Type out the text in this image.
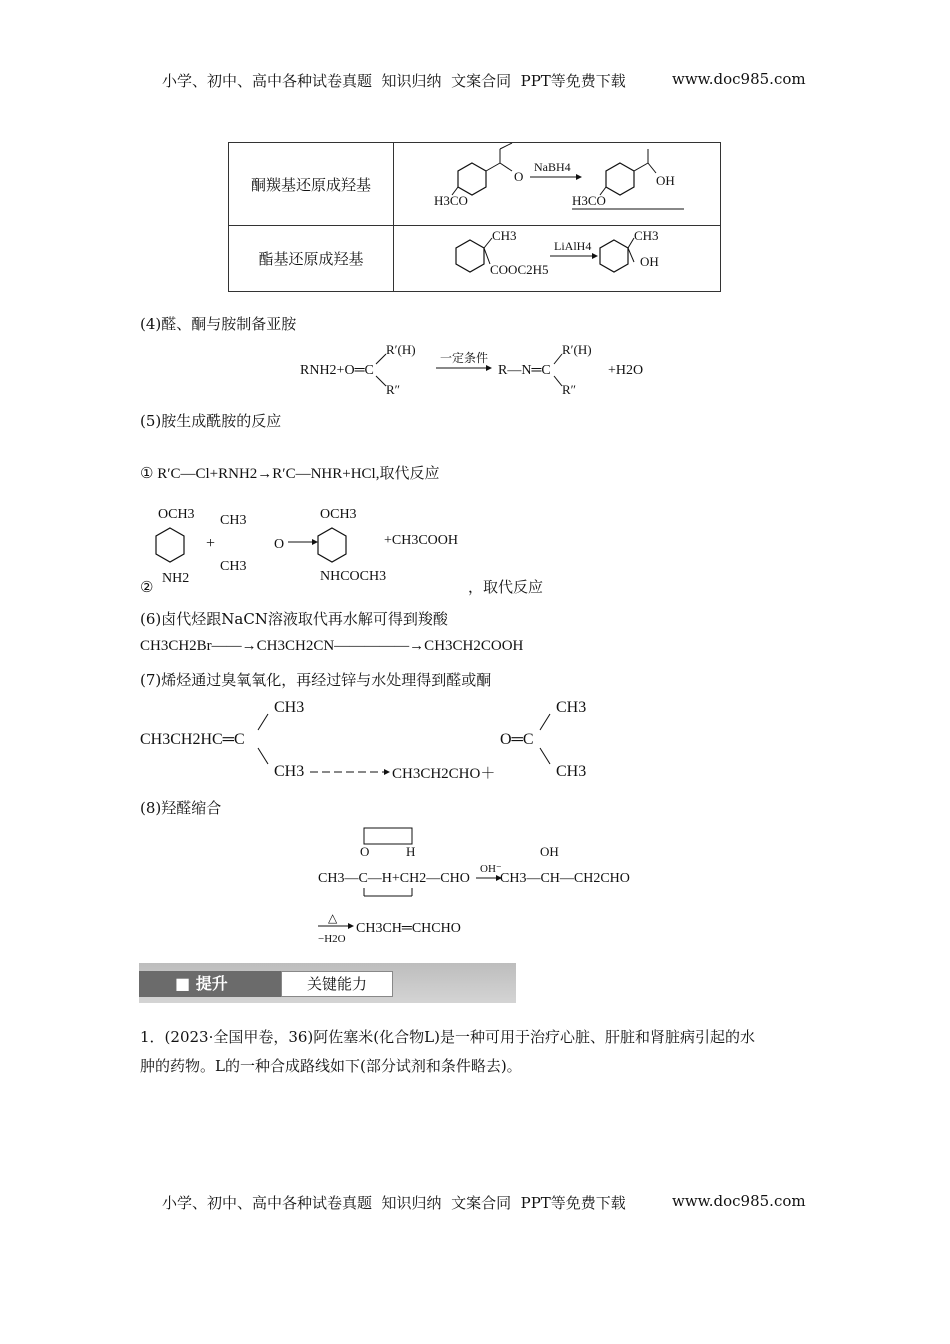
小学、初中、高中各种试卷真题  知识归纳  文案合同  PPT等免费下载	www.doc985.com
酮羰基还原成羟基	O
H3CO
NaBH4
OH
H3CO

酯基还原成羟基	CH3
COOC2H5
LiAlH4
CH3
OH
(4)醛、酮与胺制备亚胺
RNH2+O═C
R′(H)
R″
一定条件
R—N═C
R′(H)
R″
+H2O
(5)胺生成酰胺的反应
① R′C—Cl+RNH2→R′C—NHR+HCl,取代反应
OCH3
NH2
+
CH3
O
CH3
OCH3
NHCOCH3
+CH3COOH
②	，取代反应
(6)卤代烃跟NaCN溶液取代再水解可得到羧酸
CH3CH2Br——→CH3CH2CN—————→CH3CH2COOH
(7)烯烃通过臭氧氧化，再经过锌与水处理得到醛或酮
CH3CH2HC═C
CH3
CH3	CH3CH2CHO＋
O═C
CH3
CH3
(8)羟醛缩合
O	H
CH3—C—H+CH2—CHO
OH⁻
OH
CH3—CH—CH2CHO
△
−H2O
CH3CH═CHCHO
■ 提升	关键能力
1．(2023·全国甲卷，36)阿佐塞米(化合物L)是一种可用于治疗心脏、肝脏和肾脏病引起的水
肿的药物。L的一种合成路线如下(部分试剂和条件略去)。
小学、初中、高中各种试卷真题  知识归纳  文案合同  PPT等免费下载	www.doc985.com
